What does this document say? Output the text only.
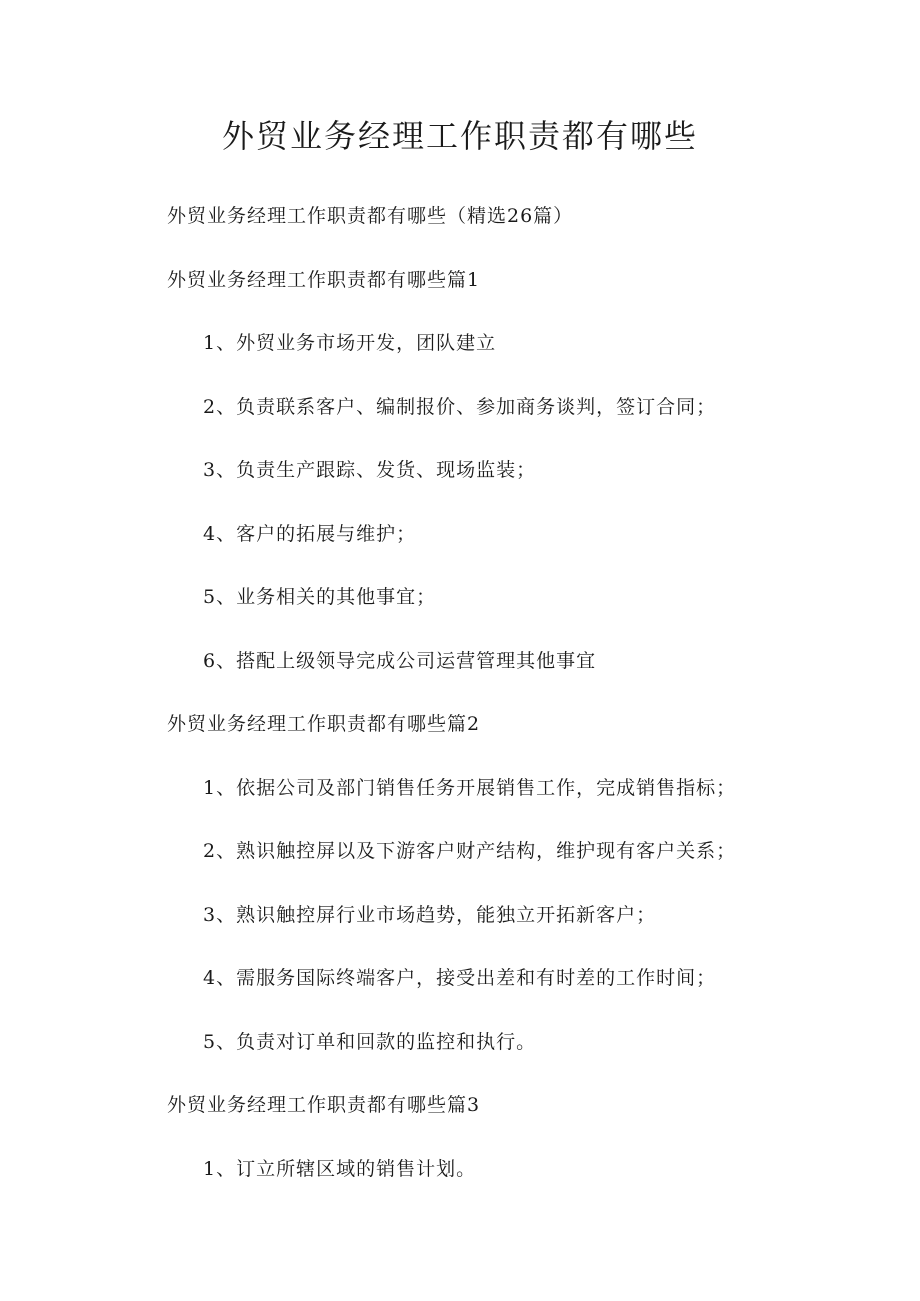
外贸业务经理工作职责都有哪些

外贸业务经理工作职责都有哪些（精选26篇）

外贸业务经理工作职责都有哪些篇1

1、外贸业务市场开发，团队建立

2、负责联系客户、编制报价、参加商务谈判，签订合同；

3、负责生产跟踪、发货、现场监装；

4、客户的拓展与维护；

5、业务相关的其他事宜；

6、搭配上级领导完成公司运营管理其他事宜

外贸业务经理工作职责都有哪些篇2

1、依据公司及部门销售任务开展销售工作，完成销售指标；

2、熟识触控屏以及下游客户财产结构，维护现有客户关系；

3、熟识触控屏行业市场趋势，能独立开拓新客户；

4、需服务国际终端客户，接受出差和有时差的工作时间；

5、负责对订单和回款的监控和执行。

外贸业务经理工作职责都有哪些篇3

1、订立所辖区域的销售计划。
